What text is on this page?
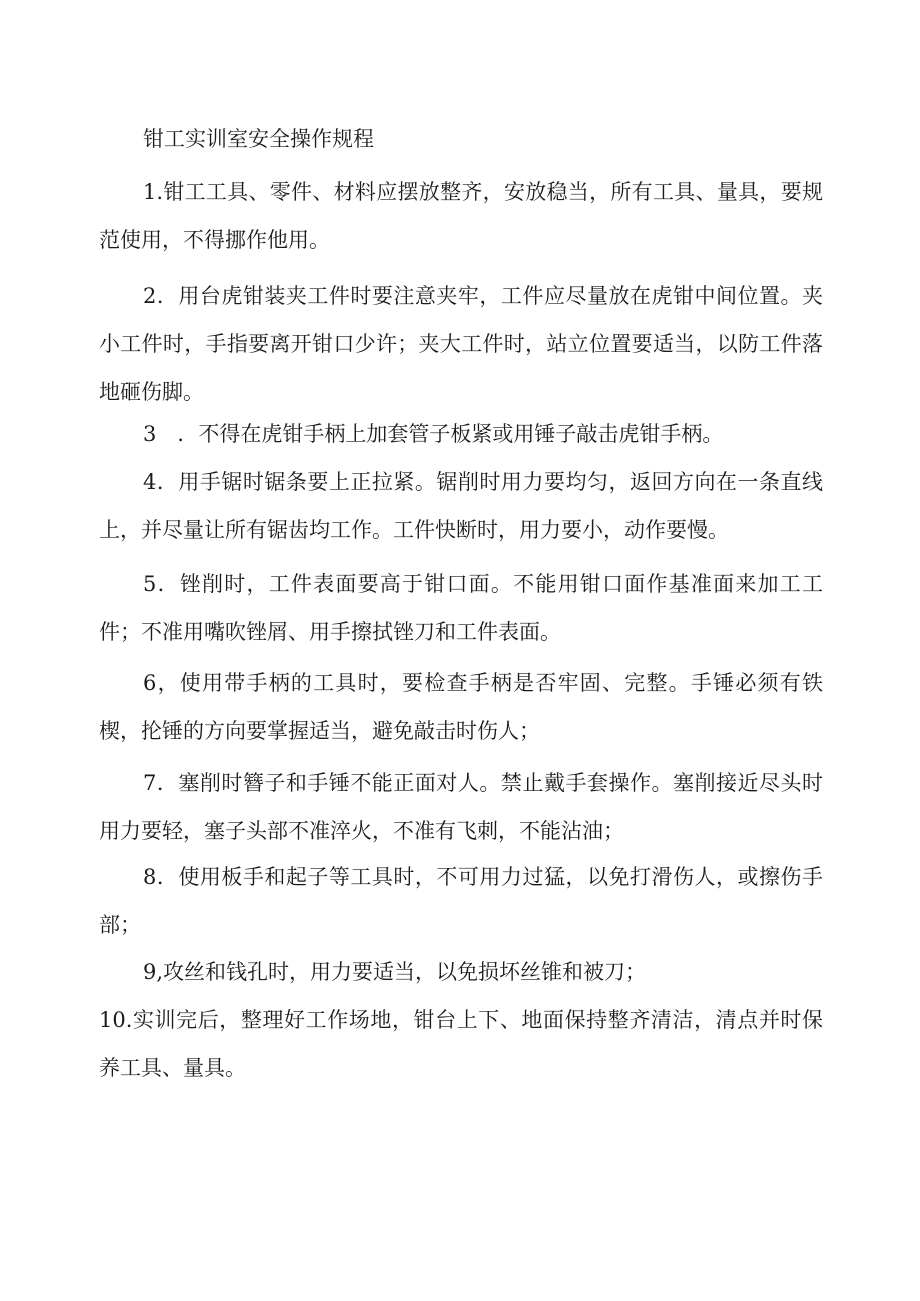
钳工实训室安全操作规程

1.钳工工具、零件、材料应摆放整齐，安放稳当，所有工具、量具，要规范使用，不得挪作他用。

2．用台虎钳装夹工件时要注意夹牢，工件应尽量放在虎钳中间位置。夹小工件时，手指要离开钳口少许；夹大工件时，站立位置要适当，以防工件落地砸伤脚。

3　．不得在虎钳手柄上加套管子板紧或用锤子敲击虎钳手柄。

4．用手锯时锯条要上正拉紧。锯削时用力要均匀，返回方向在一条直线上，并尽量让所有锯齿均工作。工件快断时，用力要小，动作要慢。

5．锉削时，工件表面要高于钳口面。不能用钳口面作基准面来加工工件；不准用嘴吹锉屑、用手擦拭锉刀和工件表面。

6，使用带手柄的工具时，要检查手柄是否牢固、完整。手锤必须有铁楔，抡锤的方向要掌握适当，避免敲击时伤人；

7．塞削时簪子和手锤不能正面对人。禁止戴手套操作。塞削接近尽头时用力要轻，塞子头部不准淬火，不准有飞刺，不能沾油；

8．使用板手和起子等工具时，不可用力过猛，以免打滑伤人，或擦伤手部；

9,攻丝和钱孔时，用力要适当，以免损坏丝锥和被刀；

10.实训完后，整理好工作场地，钳台上下、地面保持整齐清洁，清点并时保养工具、量具。
